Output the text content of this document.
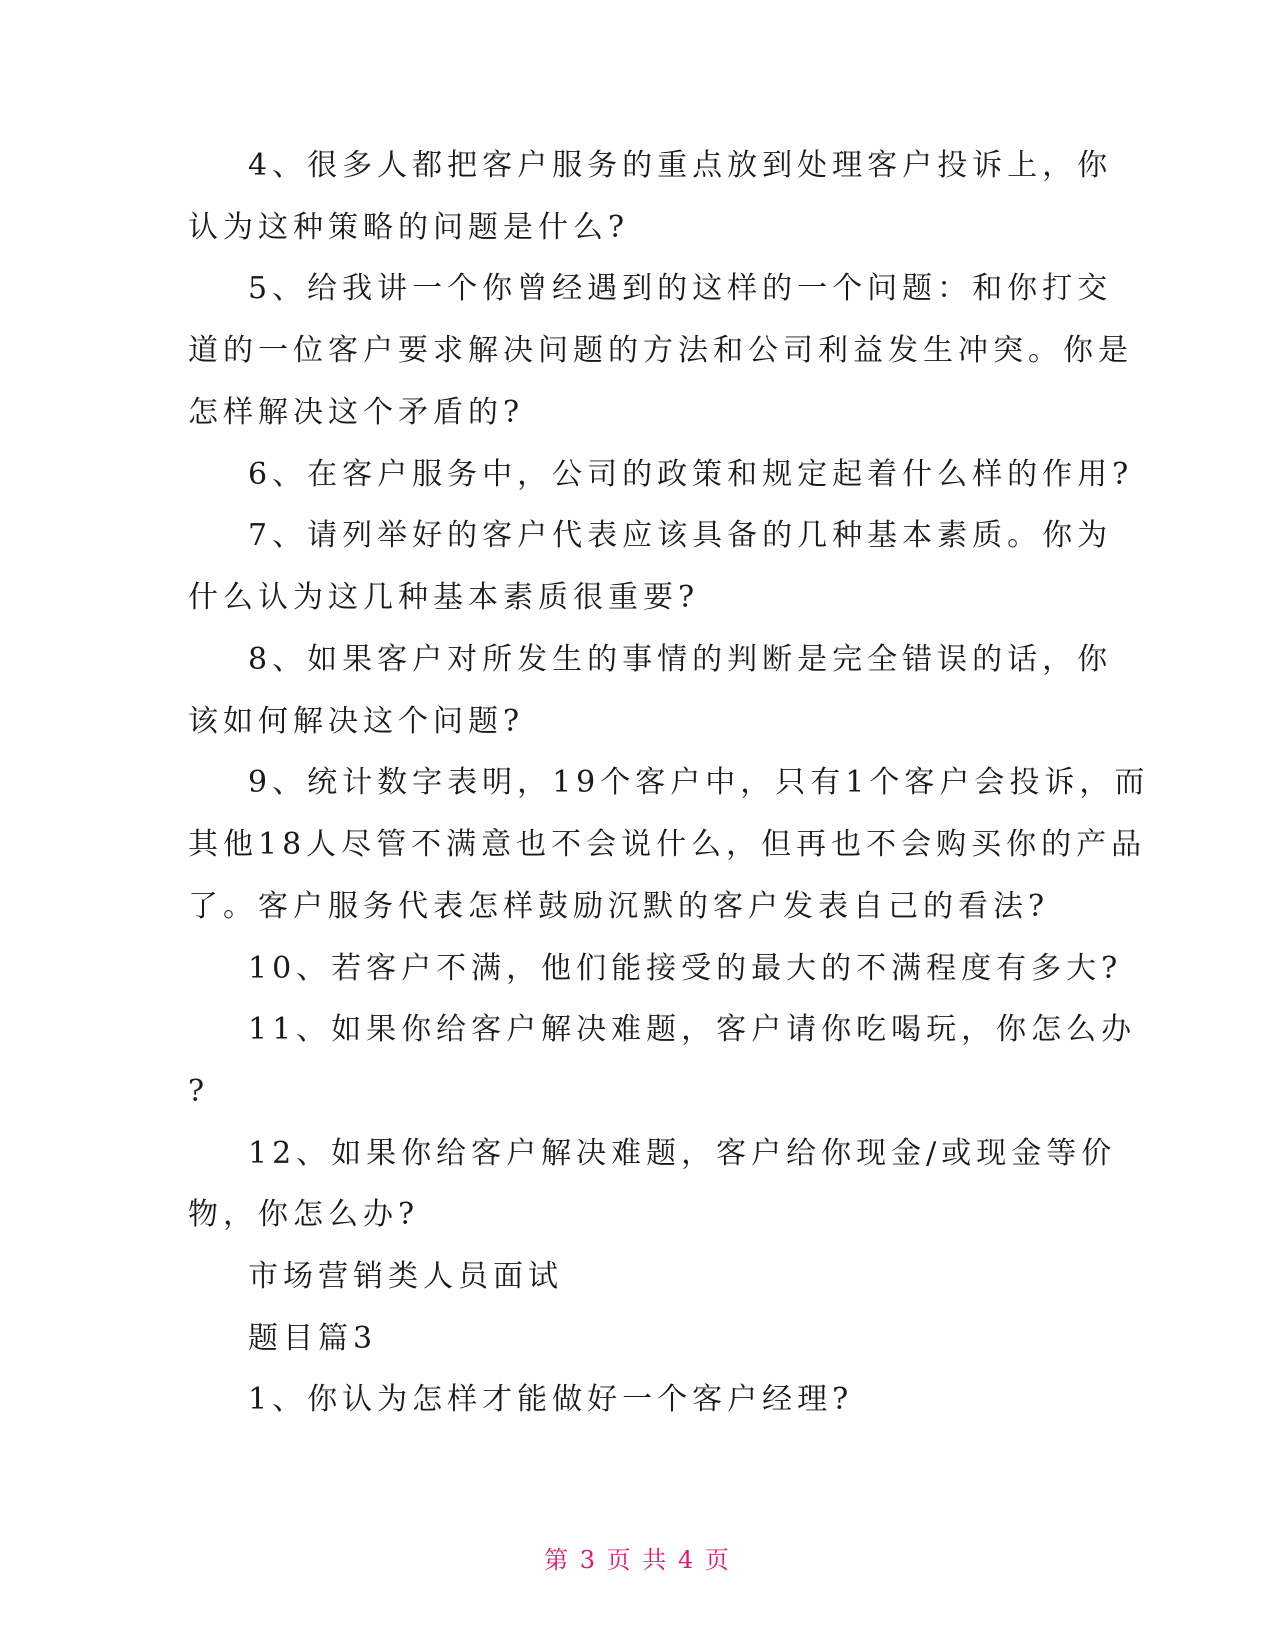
4、很多人都把客户服务的重点放到处理客户投诉上，你
认为这种策略的问题是什么?
5、给我讲一个你曾经遇到的这样的一个问题：和你打交
道的一位客户要求解决问题的方法和公司利益发生冲突。你是
怎样解决这个矛盾的?
6、在客户服务中，公司的政策和规定起着什么样的作用?
7、请列举好的客户代表应该具备的几种基本素质。你为
什么认为这几种基本素质很重要?
8、如果客户对所发生的事情的判断是完全错误的话，你
该如何解决这个问题?
9、统计数字表明，19个客户中，只有1个客户会投诉，而
其他18人尽管不满意也不会说什么，但再也不会购买你的产品
了。客户服务代表怎样鼓励沉默的客户发表自己的看法?
10、若客户不满，他们能接受的最大的不满程度有多大?
11、如果你给客户解决难题，客户请你吃喝玩，你怎么办
?
12、如果你给客户解决难题，客户给你现金/或现金等价
物，你怎么办?
市场营销类人员面试
题目篇3
1、你认为怎样才能做好一个客户经理?
第 3 页 共 4 页
